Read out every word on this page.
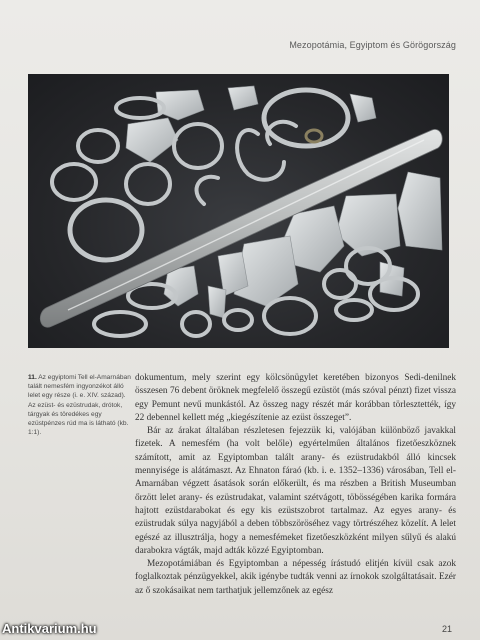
Mezopotámia, Egyiptom és Görögország
11. Az egyiptomi Tell el-Amarnában talált nemesfém ingyonzékot álló lelet egy része (i. e. XIV. század). Az ezüst- és ezüstrudak, drótok, tárgyak és töredékes egy ezüstpénzes rúd ma is látható (kb. 1:1).

dokumentum, mely szerint egy kölcsönügylet keretében bizonyos Sedi-denilnek összesen 76 debent öröknek megfelelő összegű ezüstöt (más szóval pénzt) fizet vissza egy Pemunt nevű munkástól. Az összeg nagy részét már korábban törlesztették, így 22 debennel kellett még „kiegészítenie az ezüst összeget”.

Bár az árakat általában részletesen fejezzük ki, valójában különböző javakkal fizetek. A nemesfém (ha volt belőle) egyértelműen általános fizetőeszköznek számított, amit az Egyiptomban talált arany- és ezüstrudakból álló kincsek mennyisége is alátámaszt. Az Ehnaton fáraó (kb. i. e. 1352–1336) városában, Tell el-Amarnában végzett ásatások során előkerült, és ma részben a British Museumban őrzött lelet arany- és ezüstrudakat, valamint szétvágott, töbösségében karika formára hajtott ezüstdarabokat és egy kis ezüstszobrot tartalmaz. Az egyes arany- és ezüstrudak súlya nagyjából a deben többszöröséhez vagy törtrészéhez közelít. A lelet egészé az illusztrálja, hogy a nemesfémeket fizetőeszközként milyen sűlyű és alakú darabokra vágták, majd adták közzé Egyiptomban.

Mezopotámiában és Egyiptomban a népesség írástudó elitjén kívül csak azok foglalkoztak pénzügyekkel, akik igénybe tudták venni az írnokok szolgáltatásait. Ezér az ő szokásaikat nem tarthatjuk jellemzőnek az egész

21
Antikvarium.hu
